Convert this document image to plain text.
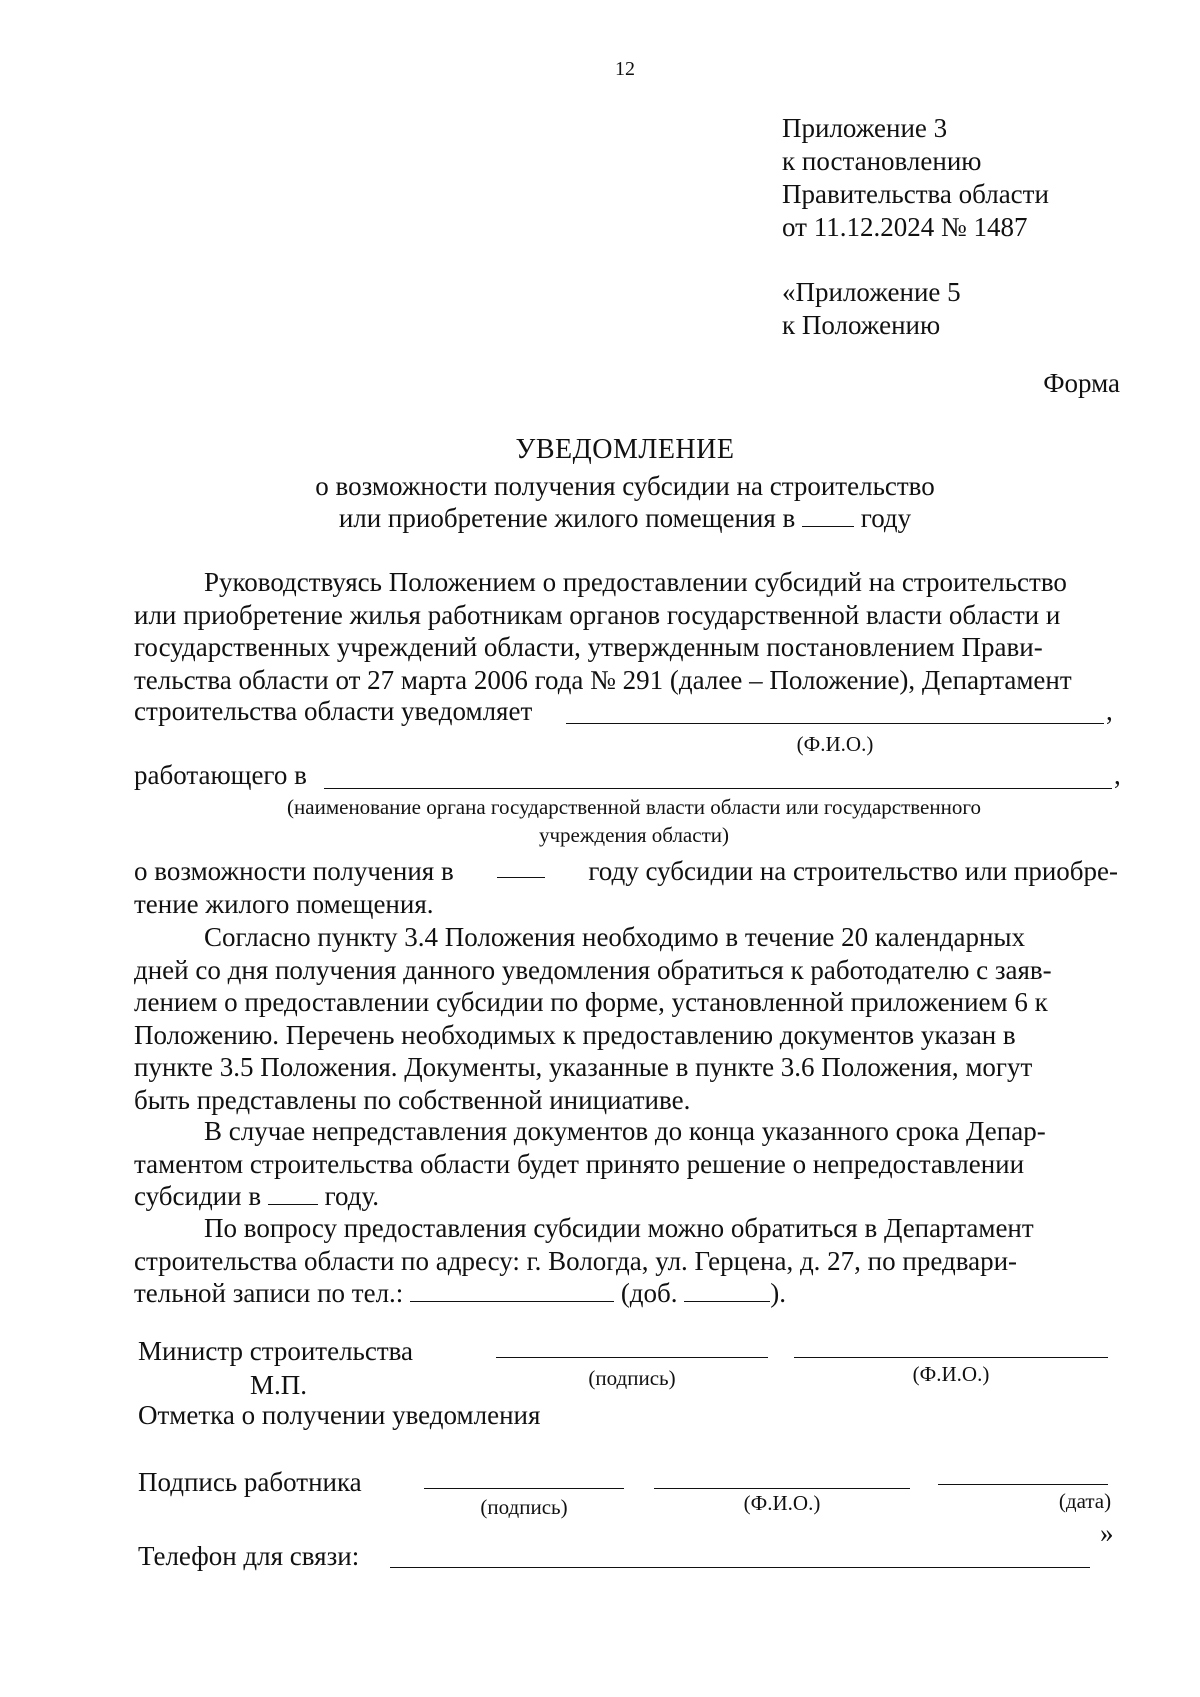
12
Приложение 3
к постановлению
Правительства области
от 11.12.2024 № 1487
«Приложение 5
к Положению
Форма
УВЕДОМЛЕНИЕ
о возможности получения субсидии на строительство
или приобретение жилого помещения в году
Руководствуясь Положением о предоставлении субсидий на строительство
или приобретение жилья работникам органов государственной власти области и
государственных учреждений области, утвержденным постановлением Прави-
тельства области от 27 марта 2006 года № 291 (далее – Положение), Департамент
строительства области уведомляет	,
(Ф.И.О.)
работающего в	,
(наименование органа государственной власти области или государственного
учреждения области)
о возможности получения в	году субсидии на строительство или приобре-
тение жилого помещения.
Согласно пункту 3.4 Положения необходимо в течение 20 календарных
дней со дня получения данного уведомления обратиться к работодателю с заяв-
лением о предоставлении субсидии по форме, установленной приложением 6 к
Положению. Перечень необходимых к предоставлению документов указан в
пункте 3.5 Положения. Документы, указанные в пункте 3.6 Положения, могут
быть представлены по собственной инициативе.
В случае непредставления документов до конца указанного срока Депар-
таментом строительства области будет принято решение о непредоставлении
субсидии в году.
По вопросу предоставления субсидии можно обратиться в Департамент
строительства области по адресу: г. Вологда, ул. Герцена, д. 27, по предвари-
тельной записи по тел.:	(доб.	).
Министр строительства
М.П.	(подпись)	(Ф.И.О.)
Отметка о получении уведомления
Подпись работника
(подпись)	(Ф.И.О.)	(дата)
Телефон для связи:
»
